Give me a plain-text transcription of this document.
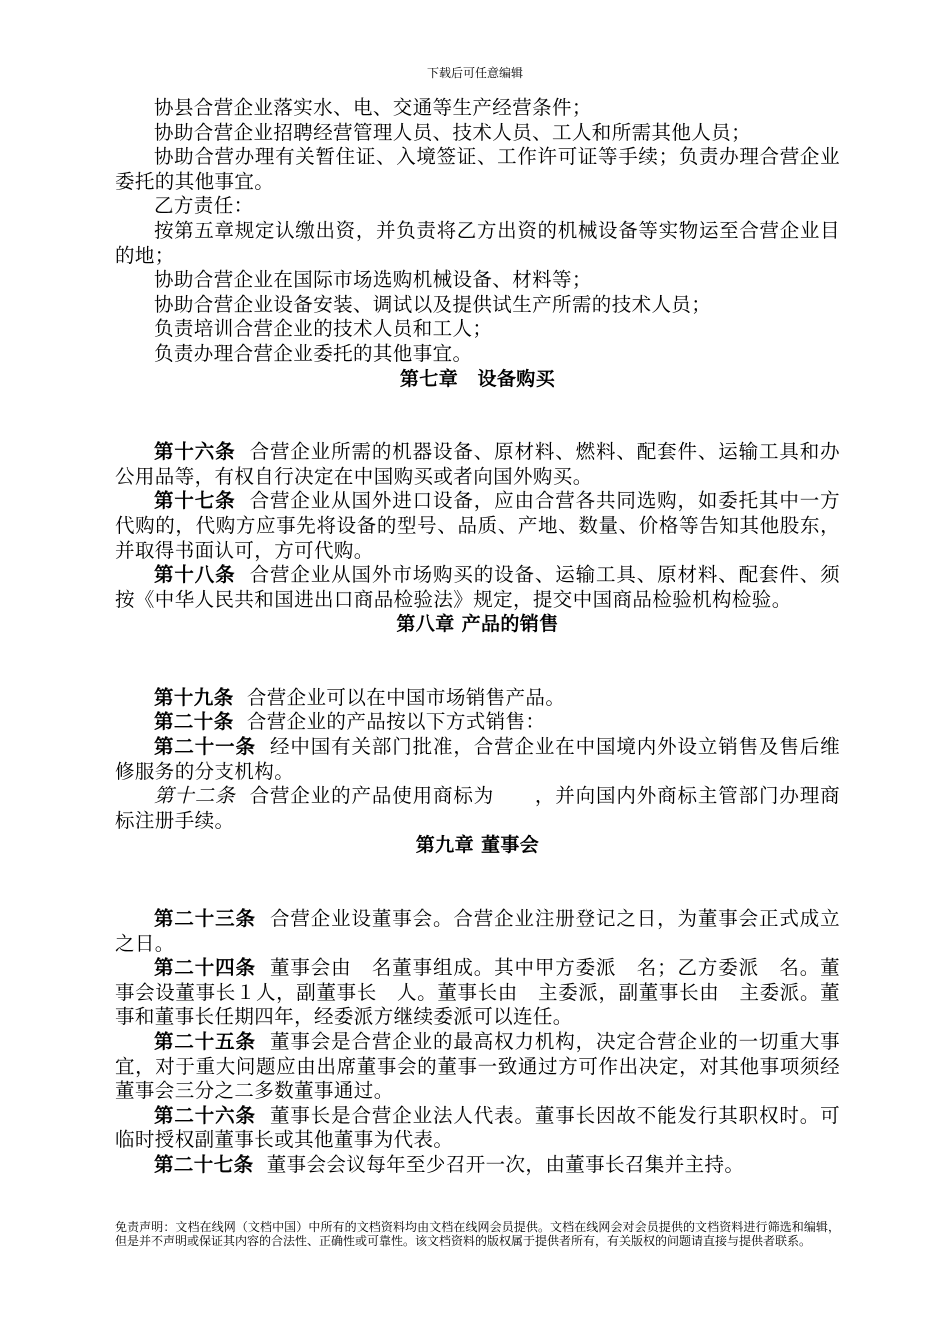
下载后可任意编辑

协县合营企业落实水、电、交通等生产经营条件；

协助合营企业招聘经营管理人员、技术人员、工人和所需其他人员；

协助合营办理有关暂住证、入境签证、工作许可证等手续；负责办理合营企业委托的其他事宜。

乙方责任：

按第五章规定认缴出资，并负责将乙方出资的机械设备等实物运至合营企业目的地；

协助合营企业在国际市场选购机械设备、材料等；

协助合营企业设备安装、调试以及提供试生产所需的技术人员；

负责培训合营企业的技术人员和工人；

负责办理合营企业委托的其他事宜。

第七章　设备购买

第十六条 合营企业所需的机器设备、原材料、燃料、配套件、运输工具和办公用品等，有权自行决定在中国购买或者向国外购买。

第十七条 合营企业从国外进口设备，应由合营各共同选购，如委托其中一方代购的，代购方应事先将设备的型号、品质、产地、数量、价格等告知其他股东，并取得书面认可，方可代购。

第十八条 合营企业从国外市场购买的设备、运输工具、原材料、配套件、须按《中华人民共和国进出口商品检验法》规定，提交中国商品检验机构检验。

第八章 产品的销售

第十九条 合营企业可以在中国市场销售产品。

第二十条 合营企业的产品按以下方式销售：

第二十一条 经中国有关部门批准，合营企业在中国境内外设立销售及售后维修服务的分支机构。

第十二条 合营企业的产品使用商标为　　，并向国内外商标主管部门办理商标注册手续。

第九章 董事会

第二十三条 合营企业设董事会。合营企业注册登记之日，为董事会正式成立之日。

第二十四条 董事会由　名董事组成。其中甲方委派　名；乙方委派　名。董事会设董事长１人，副董事长　人。董事长由　主委派，副董事长由　主委派。董事和董事长任期四年，经委派方继续委派可以连任。

第二十五条 董事会是合营企业的最高权力机构，决定合营企业的一切重大事宜，对于重大问题应由出席董事会的董事一致通过方可作出决定，对其他事项须经董事会三分之二多数董事通过。

第二十六条 董事长是合营企业法人代表。董事长因故不能发行其职权时。可临时授权副董事长或其他董事为代表。

第二十七条 董事会会议每年至少召开一次，由董事长召集并主持。

免责声明：文档在线网（文档中国）中所有的文档资料均由文档在线网会员提供。文档在线网会对会员提供的文档资料进行筛选和编辑，但是并不声明或保证其内容的合法性、正确性或可靠性。该文档资料的版权属于提供者所有，有关版权的问题请直接与提供者联系。
